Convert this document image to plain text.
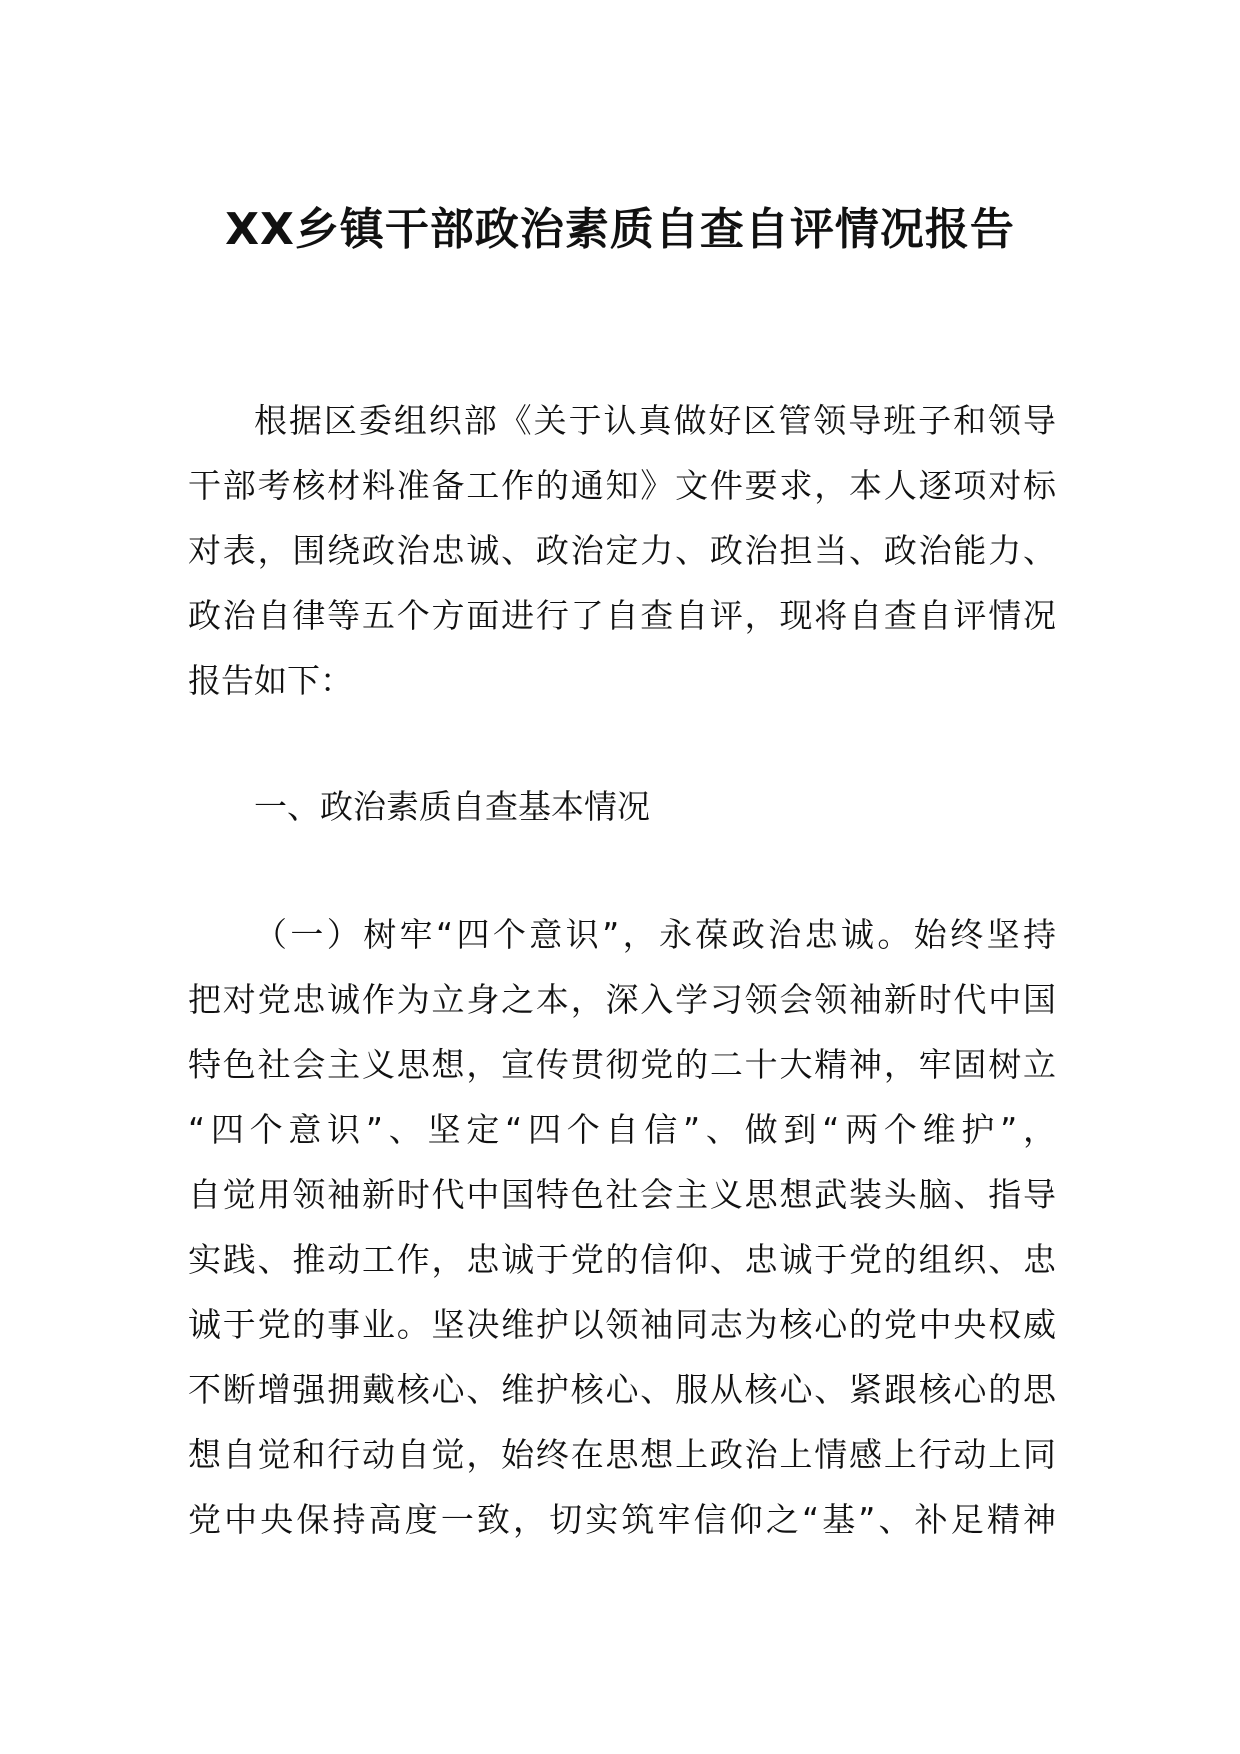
XX乡镇干部政治素质自查自评情况报告
根据区委组织部《关于认真做好区管领导班子和领导
干部考核材料准备工作的通知》文件要求，本人逐项对标
对表，围绕政治忠诚、政治定力、政治担当、政治能力、
政治自律等五个方面进行了自查自评，现将自查自评情况
报告如下：
一、政治素质自查基本情况
（一）树牢“四个意识”，永葆政治忠诚。始终坚持
把对党忠诚作为立身之本，深入学习领会领袖新时代中国
特色社会主义思想，宣传贯彻党的二十大精神，牢固树立
“四个意识”、坚定“四个自信”、做到“两个维护”，
自觉用领袖新时代中国特色社会主义思想武装头脑、指导
实践、推动工作，忠诚于党的信仰、忠诚于党的组织、忠
诚于党的事业。坚决维护以领袖同志为核心的党中央权威
不断增强拥戴核心、维护核心、服从核心、紧跟核心的思
想自觉和行动自觉，始终在思想上政治上情感上行动上同
党中央保持高度一致，切实筑牢信仰之“基”、补足精神
